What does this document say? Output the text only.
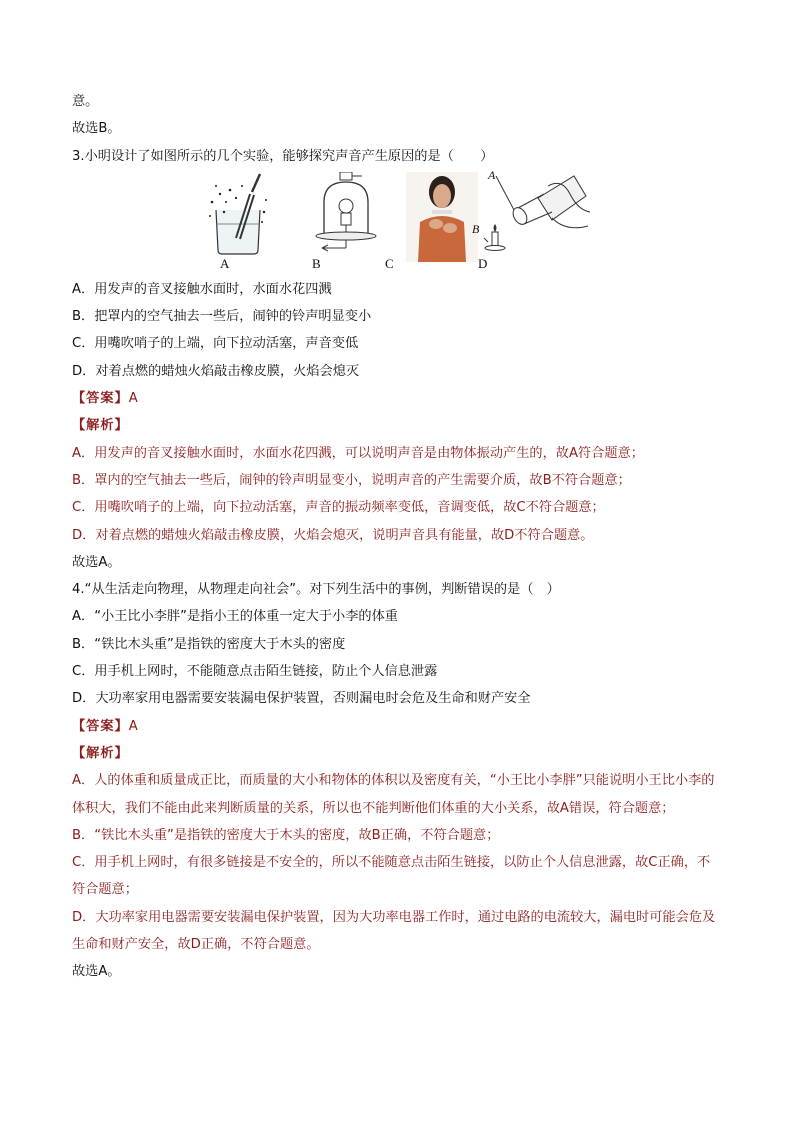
意。
故选B。
3.小明设计了如图所示的几个实验，能够探究声音产生原因的是（　　）
A	B	C
A
B
D
A．用发声的音叉接触水面时，水面水花四溅
B．把罩内的空气抽去一些后，闹钟的铃声明显变小
C．用嘴吹哨子的上端，向下拉动活塞，声音变低
D．对着点燃的蜡烛火焰敲击橡皮膜，火焰会熄灭
【答案】A
【解析】
A．用发声的音叉接触水面时，水面水花四溅，可以说明声音是由物体振动产生的，故A符合题意；
B．罩内的空气抽去一些后，闹钟的铃声明显变小，说明声音的产生需要介质，故B不符合题意；
C．用嘴吹哨子的上端，向下拉动活塞，声音的振动频率变低，音调变低，故C不符合题意；
D．对着点燃的蜡烛火焰敲击橡皮膜，火焰会熄灭，说明声音具有能量，故D不符合题意。
故选A。
4.“从生活走向物理，从物理走向社会”。对下列生活中的事例，判断错误的是（　）
A．“小王比小李胖”是指小王的体重一定大于小李的体重
B．“铁比木头重”是指铁的密度大于木头的密度
C．用手机上网时，不能随意点击陌生链接，防止个人信息泄露
D．大功率家用电器需要安装漏电保护装置，否则漏电时会危及生命和财产安全
【答案】A
【解析】
A．人的体重和质量成正比，而质量的大小和物体的体积以及密度有关，“小王比小李胖”只能说明小王比小李的体积大，我们不能由此来判断质量的关系，所以也不能判断他们体重的大小关系，故A错误，符合题意；
B．“铁比木头重”是指铁的密度大于木头的密度，故B正确，不符合题意；
C．用手机上网时，有很多链接是不安全的，所以不能随意点击陌生链接，以防止个人信息泄露，故C正确，不符合题意；
D．大功率家用电器需要安装漏电保护装置，因为大功率电器工作时，通过电路的电流较大，漏电时可能会危及生命和财产安全，故D正确，不符合题意。
故选A。
